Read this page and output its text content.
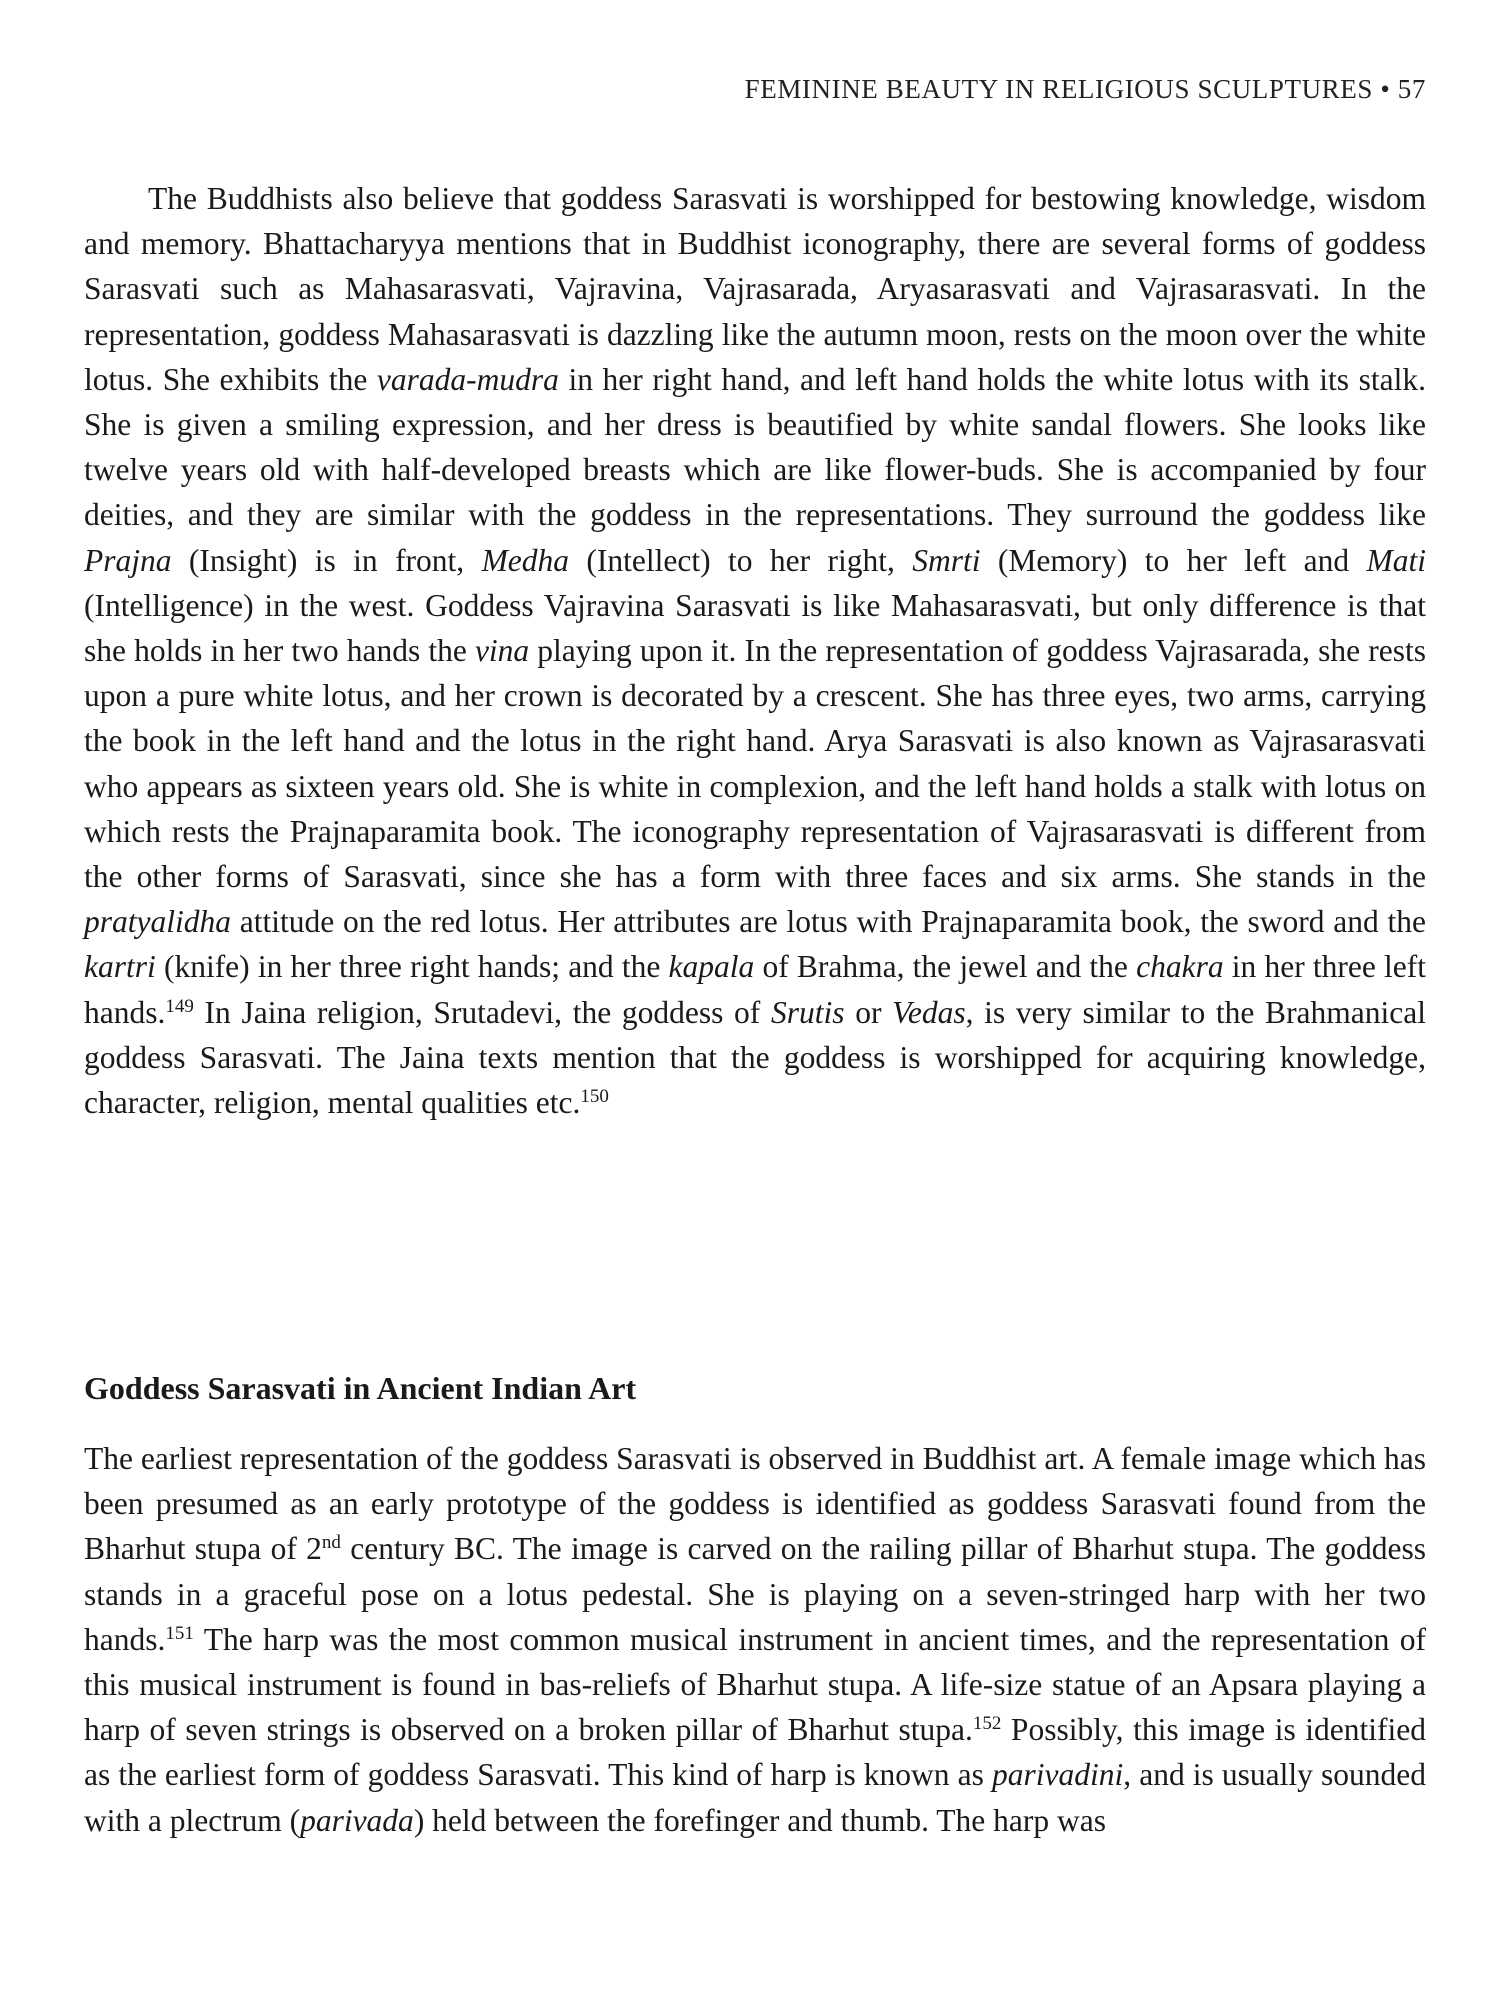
FEMININE BEAUTY IN RELIGIOUS SCULPTURES • 57

The Buddhists also believe that goddess Sarasvati is worshipped for bestowing knowledge, wisdom and memory. Bhattacharyya mentions that in Buddhist iconography, there are several forms of goddess Sarasvati such as Mahasarasvati, Vajravina, Vajrasarada, Aryasarasvati and Vajrasarasvati. In the representation, goddess Mahasarasvati is dazzling like the autumn moon, rests on the moon over the white lotus. She exhibits the varada-mudra in her right hand, and left hand holds the white lotus with its stalk. She is given a smiling expression, and her dress is beautified by white sandal flowers. She looks like twelve years old with half-developed breasts which are like flower-buds. She is accompanied by four deities, and they are similar with the goddess in the representations. They surround the goddess like Prajna (Insight) is in front, Medha (Intellect) to her right, Smrti (Memory) to her left and Mati (Intelligence) in the west. Goddess Vajravina Sarasvati is like Mahasarasvati, but only difference is that she holds in her two hands the vina playing upon it. In the representation of goddess Vajrasarada, she rests upon a pure white lotus, and her crown is decorated by a crescent. She has three eyes, two arms, carrying the book in the left hand and the lotus in the right hand. Arya Sarasvati is also known as Vajrasarasvati who appears as sixteen years old. She is white in complexion, and the left hand holds a stalk with lotus on which rests the Prajnaparamita book. The iconography representation of Vajrasarasvati is different from the other forms of Sarasvati, since she has a form with three faces and six arms. She stands in the pratyalidha attitude on the red lotus. Her attributes are lotus with Prajnaparamita book, the sword and the kartri (knife) in her three right hands; and the kapala of Brahma, the jewel and the chakra in her three left hands.$^{149}$ In Jaina religion, Srutadevi, the goddess of Srutis or Vedas, is very similar to the Brahmanical goddess Sarasvati. The Jaina texts mention that the goddess is worshipped for acquiring knowledge, character, religion, mental qualities etc.$^{150}$

Goddess Sarasvati in Ancient Indian Art

The earliest representation of the goddess Sarasvati is observed in Buddhist art. A female image which has been presumed as an early prototype of the goddess is identified as goddess Sarasvati found from the Bharhut stupa of 2nd century BC. The image is carved on the railing pillar of Bharhut stupa. The goddess stands in a graceful pose on a lotus pedestal. She is playing on a seven-stringed harp with her two hands.$^{151}$ The harp was the most common musical instrument in ancient times, and the representation of this musical instrument is found in bas-reliefs of Bharhut stupa. A life-size statue of an Apsara playing a harp of seven strings is observed on a broken pillar of Bharhut stupa.$^{152}$ Possibly, this image is identified as the earliest form of goddess Sarasvati. This kind of harp is known as parivadini, and is usually sounded with a plectrum (parivada) held between the forefinger and thumb. The harp was
